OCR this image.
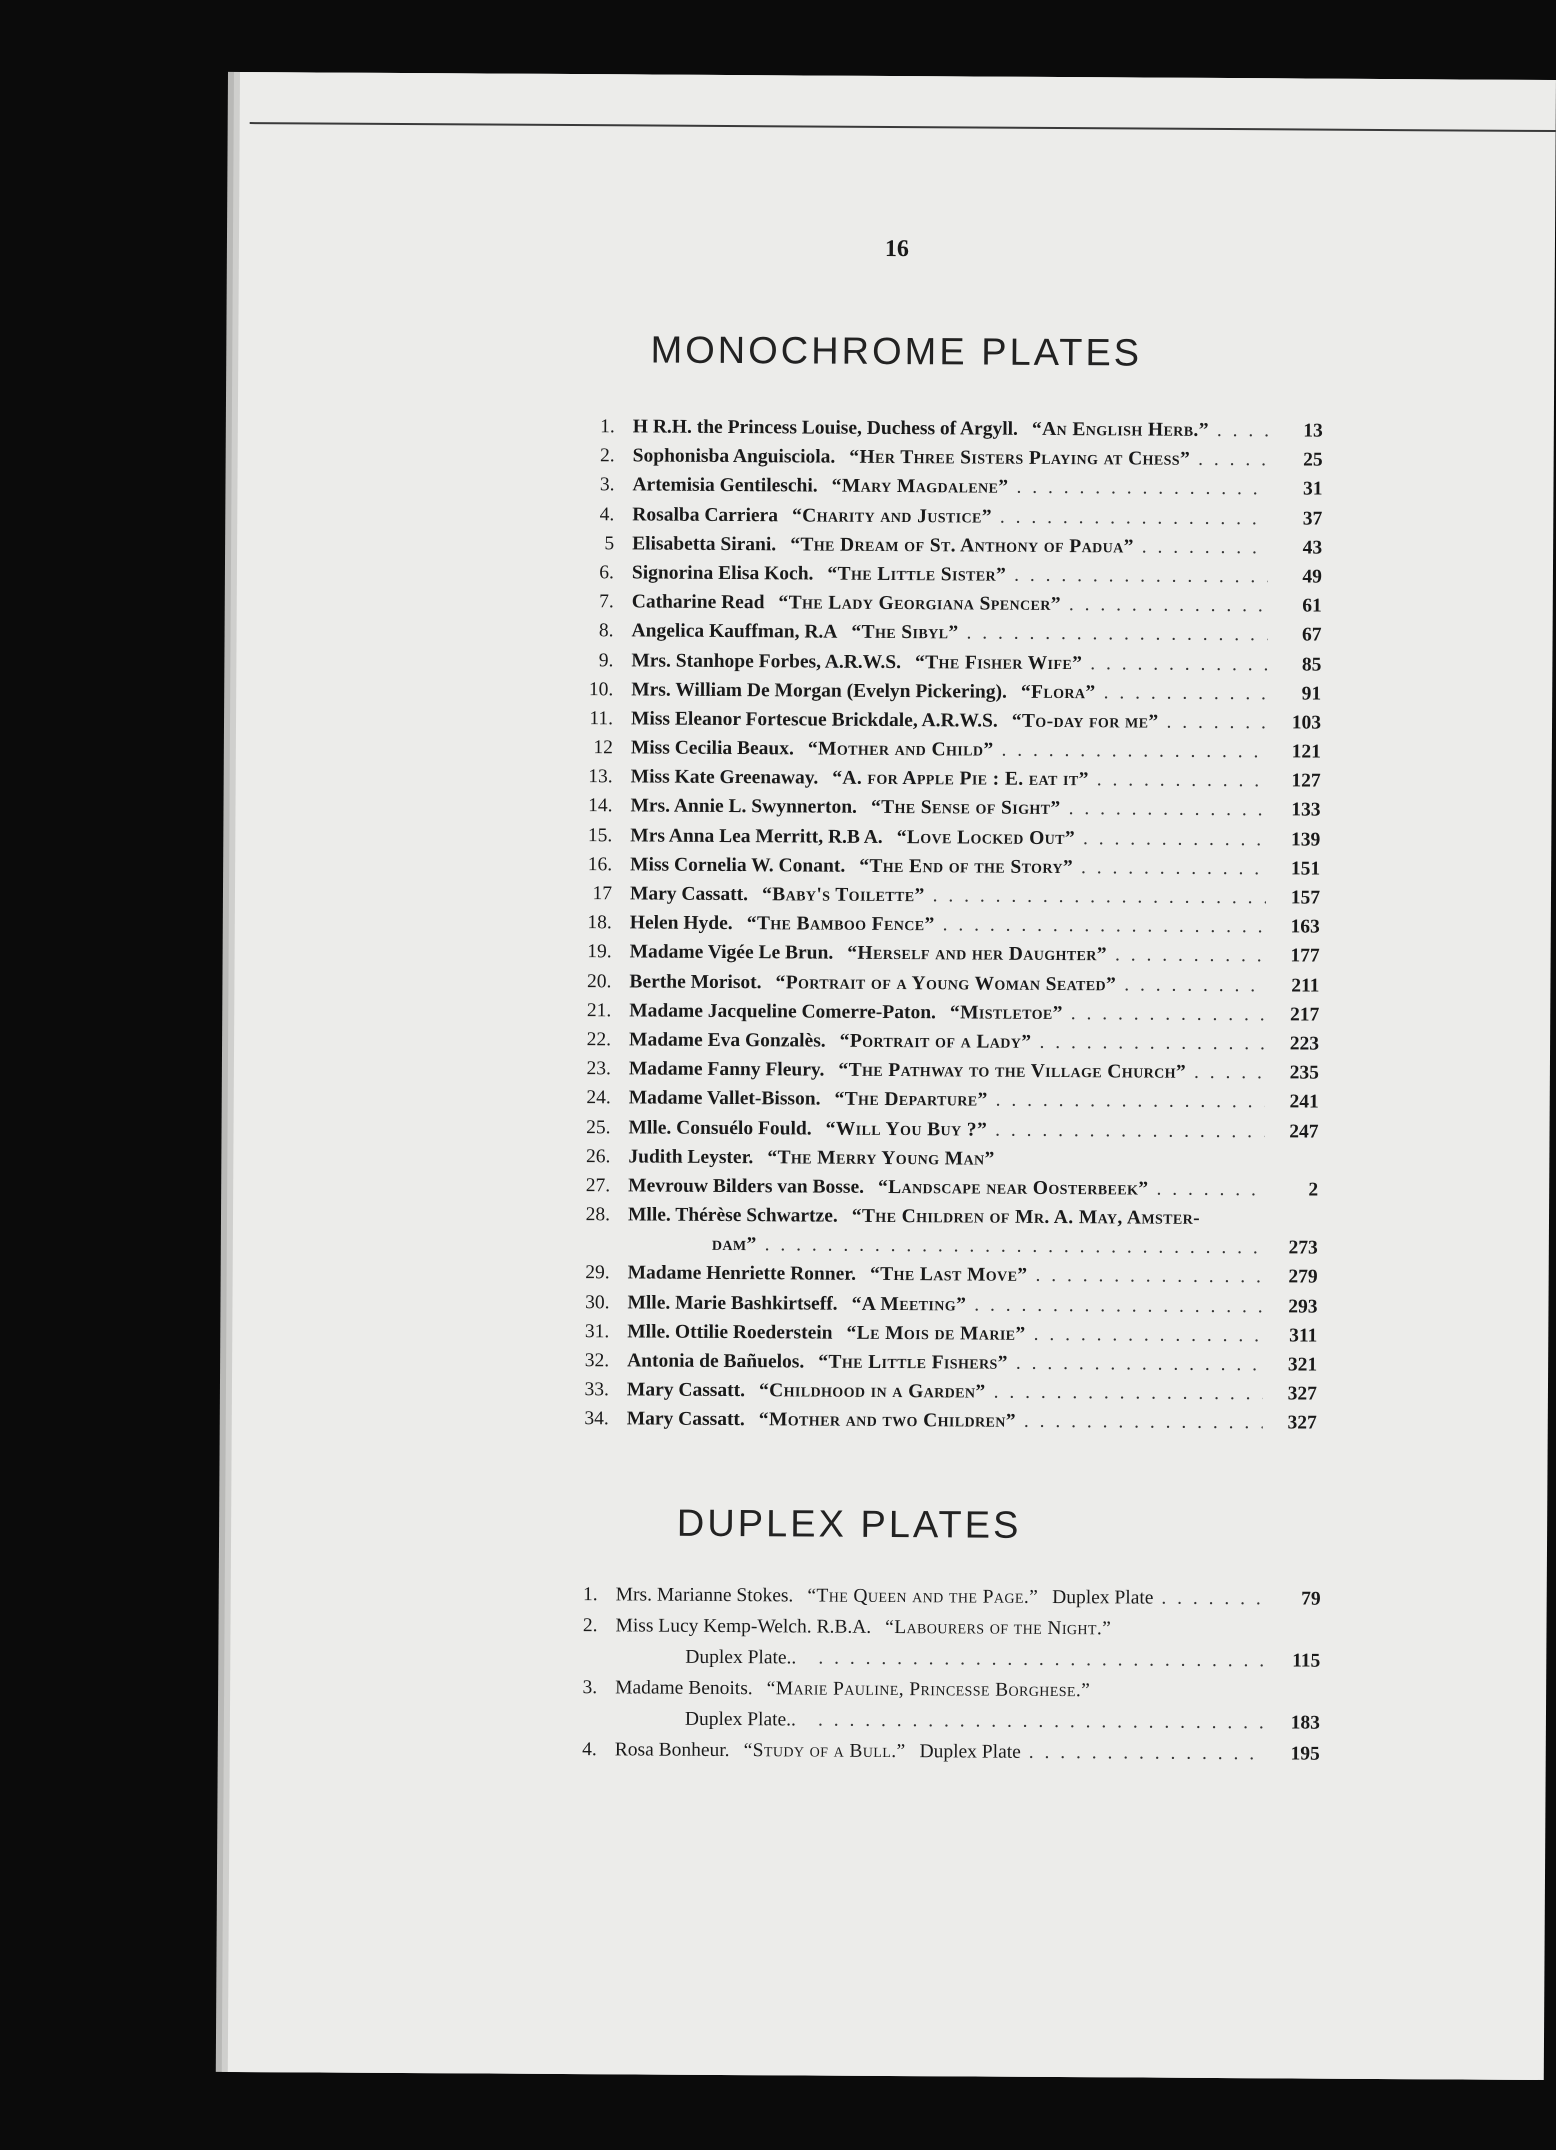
16
MONOCHROME PLATES
1. H R.H. the Princess Louise, Duchess of Argyll. “An English Herb.” . . .	13
2. Sophonisba Anguisciola. “Her Three Sisters Playing at Chess” . . .	25
3. Artemisia Gentileschi. “Mary Magdalene” . . .	31
4. Rosalba Carriera “Charity and Justice” . . .	37
5 Elisabetta Sirani. “The Dream of St. Anthony of Padua” . . .	43
6. Signorina Elisa Koch. “The Little Sister” . . .	49
7. Catharine Read “The Lady Georgiana Spencer” . . .	61
8. Angelica Kauffman, R.A “The Sibyl” . . .	67
9. Mrs. Stanhope Forbes, A.R.W.S. “The Fisher Wife” . . .	85
10. Mrs. William De Morgan (Evelyn Pickering). “Flora” . . .	91
11. Miss Eleanor Fortescue Brickdale, A.R.W.S. “To-day for me” . . .	103
12 Miss Cecilia Beaux. “Mother and Child” . . .	121
13. Miss Kate Greenaway. “A. for Apple Pie : E. eat it” . . .	127
14. Mrs. Annie L. Swynnerton. “The Sense of Sight” . . .	133
15. Mrs Anna Lea Merritt, R.B A. “Love Locked Out” . . .	139
16. Miss Cornelia W. Conant. “The End of the Story” . . .	151
17 Mary Cassatt. “Baby's Toilette” . . .	157
18. Helen Hyde. “The Bamboo Fence” . . .	163
19. Madame Vigée Le Brun. “Herself and her Daughter” . . .	177
20. Berthe Morisot. “Portrait of a Young Woman Seated” . . .	211
21. Madame Jacqueline Comerre-Paton. “Mistletoe” . . .	217
22. Madame Eva Gonzalès. “Portrait of a Lady” . . .	223
23. Madame Fanny Fleury. “The Pathway to the Village Church” . . .	235
24. Madame Vallet-Bisson. “The Departure” . . .	241
25. Mlle. Consuélo Fould. “Will You Buy ?” . . .	247
26. Judith Leyster. “The Merry Young Man”
27. Mevrouw Bilders van Bosse. “Landscape near Oosterbeek” . . .	2
28. Mlle. Thérèse Schwartze. “The Children of Mr. A. May, Amster-
dam” . . .	273
29. Madame Henriette Ronner. “The Last Move” . . .	279
30. Mlle. Marie Bashkirtseff. “A Meeting” . . .	293
31. Mlle. Ottilie Roederstein “Le Mois de Marie” . . .	311
32. Antonia de Bañuelos. “The Little Fishers” . . .	321
33. Mary Cassatt. “Childhood in a Garden” . . .	327
34. Mary Cassatt. “Mother and two Children” . . .	327
DUPLEX PLATES
1. Mrs. Marianne Stokes. “The Queen and the Page.” Duplex Plate . . .	79
2. Miss Lucy Kemp-Welch. R.B.A. “Labourers of the Night.”
Duplex Plate.. . . .	115
3. Madame Benoits. “Marie Pauline, Princesse Borghese.”
Duplex Plate.. . . .	183
4. Rosa Bonheur. “Study of a Bull.” Duplex Plate . . .	195
